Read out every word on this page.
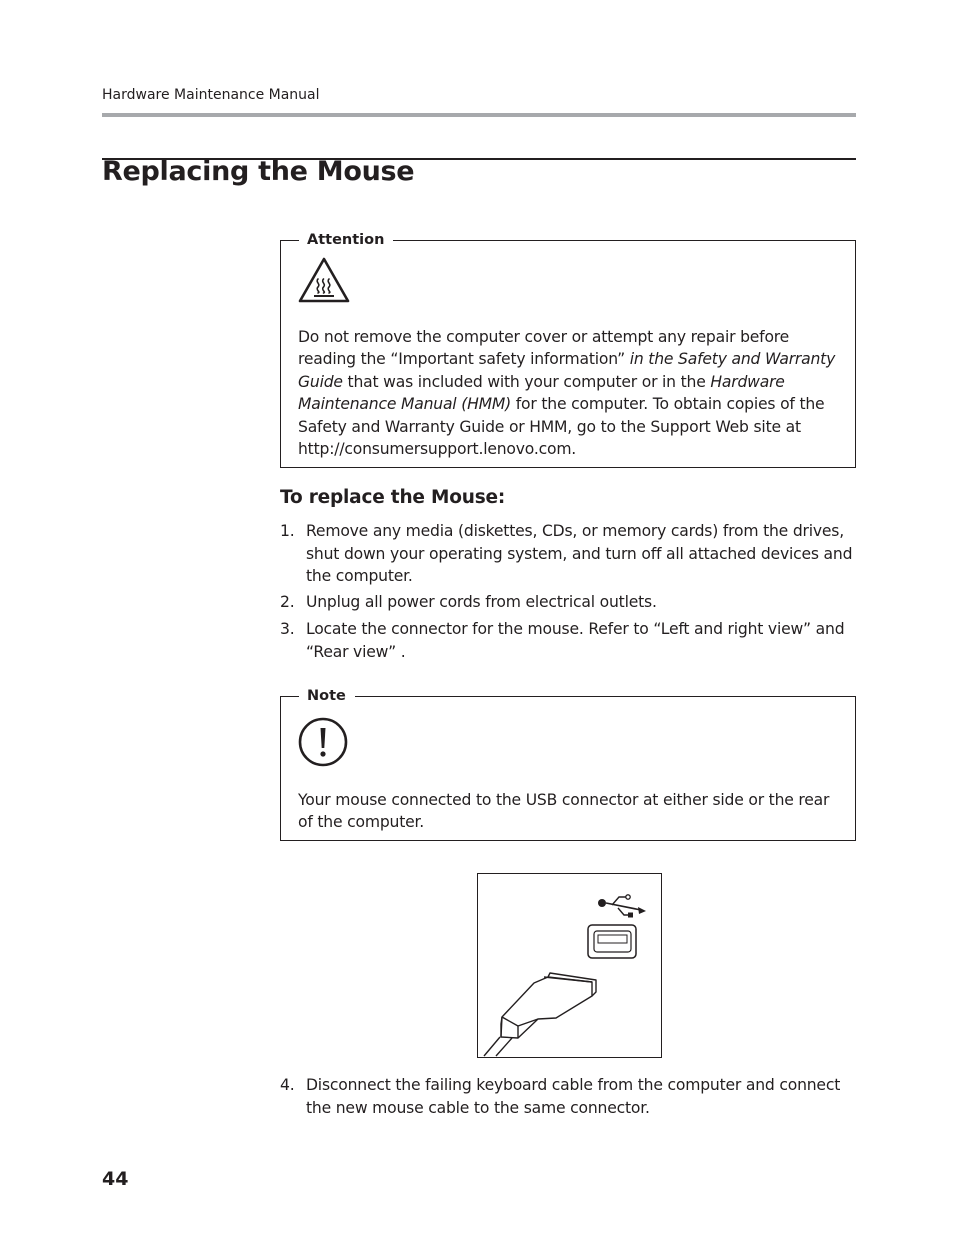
Hardware Maintenance Manual
Replacing the Mouse
Attention
Do not remove the computer cover or attempt any repair before reading the “Important safety information” in the Safety and Warranty Guide that was included with your computer or in the Hardware Maintenance Manual (HMM) for the computer. To obtain copies of the Safety and Warranty Guide or HMM, go to the Support Web site at http://consumersupport.lenovo.com.
To replace the Mouse:
1. Remove any media (diskettes, CDs, or memory cards) from the drives, shut down your operating system, and turn off all attached devices and the computer.
2. Unplug all power cords from electrical outlets.
3. Locate the connector for the mouse. Refer to “Left and right view” and “Rear view” .
Note
Your mouse connected to the USB connector at either side or the rear of the computer.
4. Disconnect the failing keyboard cable from the computer and connect the new mouse cable to the same connector.
44
